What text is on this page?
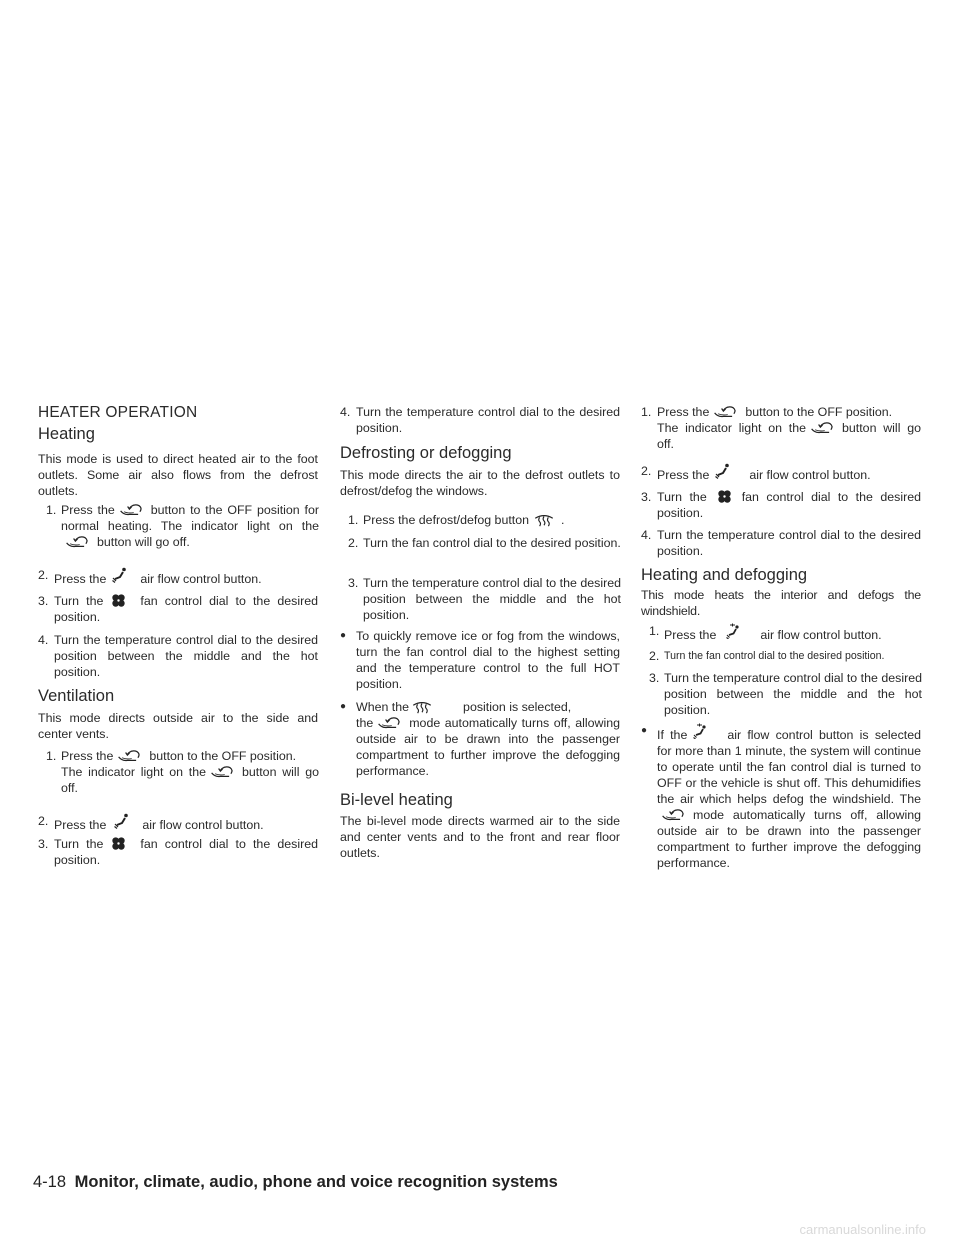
HEATER OPERATION
Heating
This mode is used to direct heated air to the foot outlets. Some air also flows from the defrost outlets.
1. Press the	button to the OFF position for normal heating. The indicator light on the
button will go off.
2. Press the	air flow control button.
3. Turn the	fan control dial to the desired position.
4. Turn the temperature control dial to the desired position between the middle and the hot position.
Ventilation
This mode directs outside air to the side and center vents.
1. Press the	button to the OFF position.
The indicator light on the	button will go off.
2. Press the	air flow control button.
3. Turn the	fan control dial to the desired position.
4. Turn the temperature control dial to the desired position.
Defrosting or defogging
This mode directs the air to the defrost outlets to defrost/defog the windows.
1. Press the defrost/defog button	.
2. Turn the fan control dial to the desired position.
3. Turn the temperature control dial to the desired position between the middle and the hot position.
● To quickly remove ice or fog from the windows, turn the fan control dial to the highest setting and the temperature control to the full HOT position.
● When the	position is selected,
the	mode automatically turns off, allowing outside air to be drawn into the passenger compartment to further improve the defogging performance.
Bi-level heating
The bi-level mode directs warmed air to the side and center vents and to the front and rear floor outlets.
1. Press the	button to the OFF position.
The indicator light on the	button will go off.
2. Press the	air flow control button.
3. Turn the	fan control dial to the desired position.
4. Turn the temperature control dial to the desired position.
Heating and defogging
This mode heats the interior and defogs the windshield.
1. Press the	air flow control button.
2. Turn the fan control dial to the desired position.
3. Turn the temperature control dial to the desired position between the middle and the hot position.
● If the	air flow control button is selected for more than 1 minute, the system will continue to operate until the fan control dial is turned to OFF or the vehicle is shut off. This dehumidifies the air which helps defog the windshield. The
mode automatically turns off, allowing outside air to be drawn into the passenger compartment to further improve the defogging performance.
4-18 Monitor, climate, audio, phone and voice recognition systems
carmanualsonline.info
